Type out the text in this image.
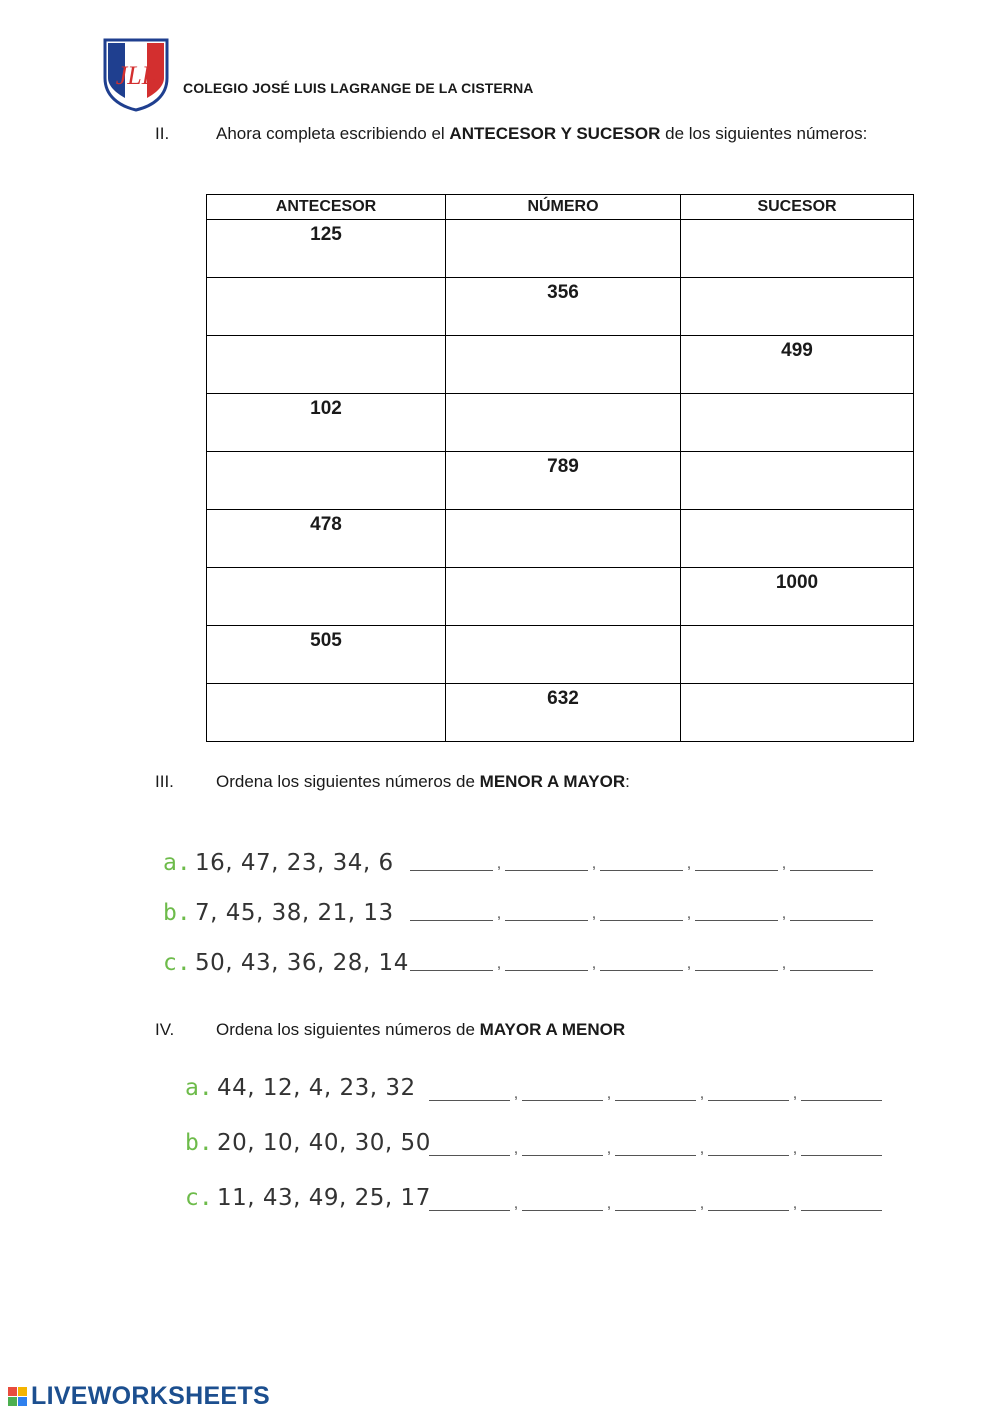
JLL COLEGIO JOSÉ LUIS LAGRANGE DE LA CISTERNA
II.	Ahora completa escribiendo el ANTECESOR Y SUCESOR de los siguientes números:
ANTECESOR	NÚMERO	SUCESOR

125		

	356	

		499

102		

	789	

478		

		1000

505		

	632	

III. Ordena los siguientes números de MENOR A MAYOR:
a. 16, 47, 23, 34, 6	,	,	,	,
b. 7, 45, 38, 21, 13	,	,	,	,
c. 50, 43, 36, 28, 14	,	,	,	,
IV. Ordena los siguientes números de MAYOR A MENOR
a. 44, 12, 4, 23, 32	,	,	,	,
b. 20, 10, 40, 30, 50	,	,	,	,
c. 11, 43, 49, 25, 17	,	,	,	,
LIVEWORKSHEETS
